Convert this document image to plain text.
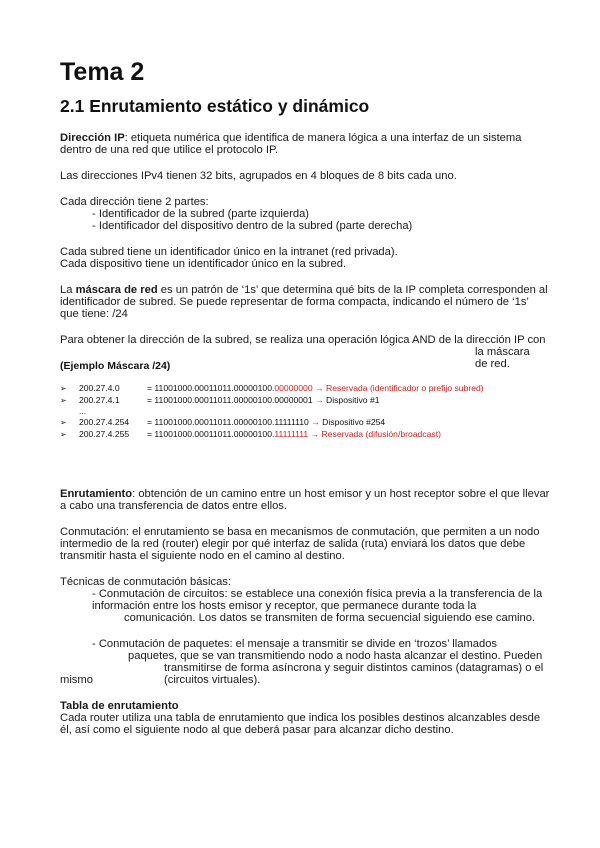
Tema 2
2.1 Enrutamiento estático y dinámico
Dirección IP: etiqueta numérica que identifica de manera lógica a una interfaz de un sistema
dentro de una red que utilice el protocolo IP.
Las direcciones IPv4 tienen 32 bits, agrupados en 4 bloques de 8 bits cada uno.
Cada dirección tiene 2 partes:
- Identificador de la subred (parte izquierda)
- Identificador del dispositivo dentro de la subred (parte derecha)
Cada subred tiene un identificador único en la intranet (red privada).
Cada dispositivo tiene un identificador único en la subred.
La máscara de red es un patrón de ‘1s’ que determina qué bits de la IP completa corresponden al
identificador de subred. Se puede representar de forma compacta, indicando el número de ‘1s’
que tiene: /24
Para obtener la dirección de la subred, se realiza una operación lógica AND de la dirección IP con
la máscara
de red.
(Ejemplo Máscara /24)
➢ 200.27.4.0	= 11001000.00011011.00000100.00000000 → Reservada (identificador o prefijo subred)
➢ 200.27.4.1	= 11001000.00011011.00000100.00000001 → Dispositivo #1
...
➢ 200.27.4.254 = 11001000.00011011.00000100.11111110 → Dispositivo #254
➢ 200.27.4.255 = 11001000.00011011.00000100.11111111 → Reservada (difusión/broadcast)
Enrutamiento: obtención de un camino entre un host emisor y un host receptor sobre el que llevar
a cabo una transferencia de datos entre ellos.
Conmutación: el enrutamiento se basa en mecanismos de conmutación, que permiten a un nodo
intermedio de la red (router) elegir por qué interfaz de salida (ruta) enviará los datos que debe
transmitir hasta el siguiente nodo en el camino al destino.
Técnicas de conmutación básicas:
- Conmutación de circuitos: se establece una conexión física previa a la transferencia de la
información entre los hosts emisor y receptor, que permanece durante toda la
comunicación. Los datos se transmiten de forma secuencial siguiendo ese camino.
- Conmutación de paquetes: el mensaje a transmitir se divide en ‘trozos’ llamados
paquetes, que se van transmitiendo nodo a nodo hasta alcanzar el destino. Pueden
transmitirse de forma asíncrona y seguir distintos caminos (datagramas) o el
mismo	(circuitos virtuales).
Tabla de enrutamiento
Cada router utiliza una tabla de enrutamiento que indica los posibles destinos alcanzables desde
él, así como el siguiente nodo al que deberá pasar para alcanzar dicho destino.
